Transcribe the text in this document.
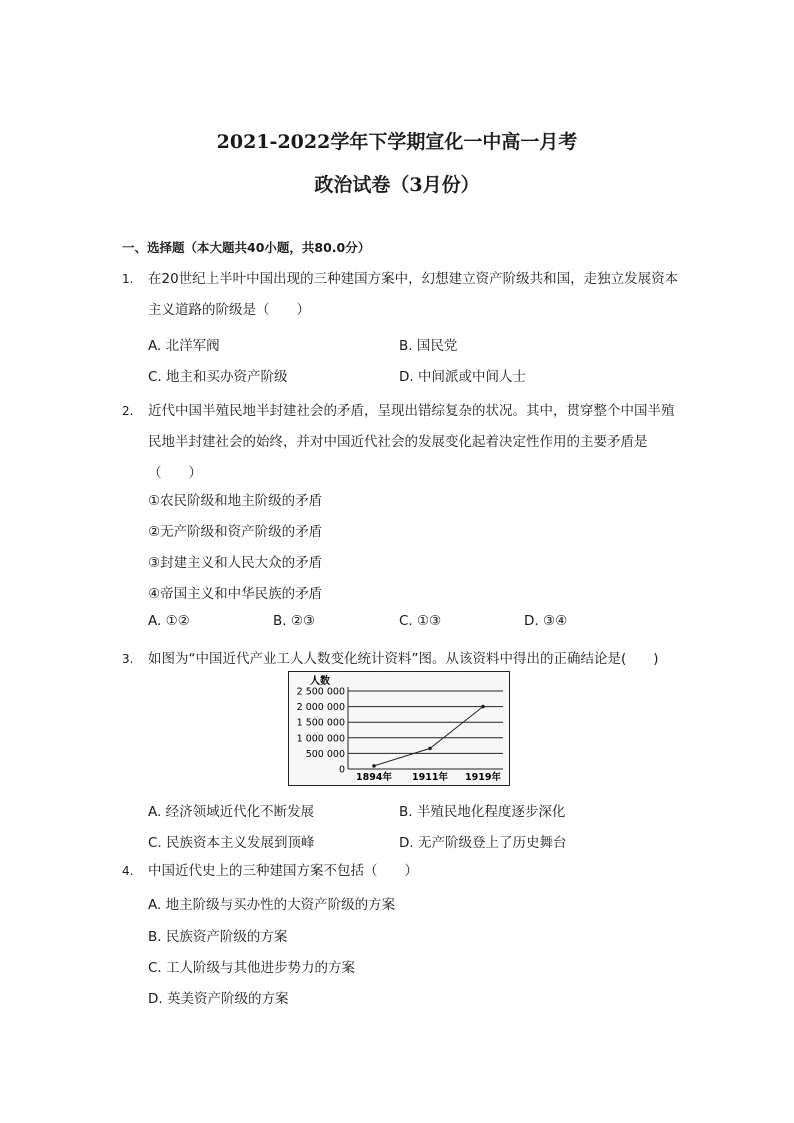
2021-2022学年下学期宣化一中高一月考
政治试卷（3月份）
一、选择题（本大题共40小题，共80.0分）
1.	在20世纪上半叶中国出现的三种建国方案中，幻想建立资产阶级共和国，走独立发展资本主义道路的阶级是（　　）
A. 北洋军阀	B. 国民党
C. 地主和买办资产阶级	D. 中间派或中间人士
2.	近代中国半殖民地半封建社会的矛盾，呈现出错综复杂的状况。其中，贯穿整个中国半殖民地半封建社会的始终，并对中国近代社会的发展变化起着决定性作用的主要矛盾是（　　）
①农民阶级和地主阶级的矛盾
②无产阶级和资产阶级的矛盾
③封建主义和人民大众的矛盾
④帝国主义和中华民族的矛盾
A. ①②	B. ②③	C. ①③	D. ③④
3.	如图为“中国近代产业工人人数变化统计资料”图。从该资料中得出的正确结论是(　　)
人数
0
500 000
1 000 000
1 500 000
2 000 000
2 500 000
1894年 1911年 1919年
A. 经济领域近代化不断发展	B. 半殖民地化程度逐步深化
C. 民族资本主义发展到顶峰	D. 无产阶级登上了历史舞台
4.	中国近代史上的三种建国方案不包括（　　）
A. 地主阶级与买办性的大资产阶级的方案
B. 民族资产阶级的方案
C. 工人阶级与其他进步势力的方案
D. 英美资产阶级的方案
